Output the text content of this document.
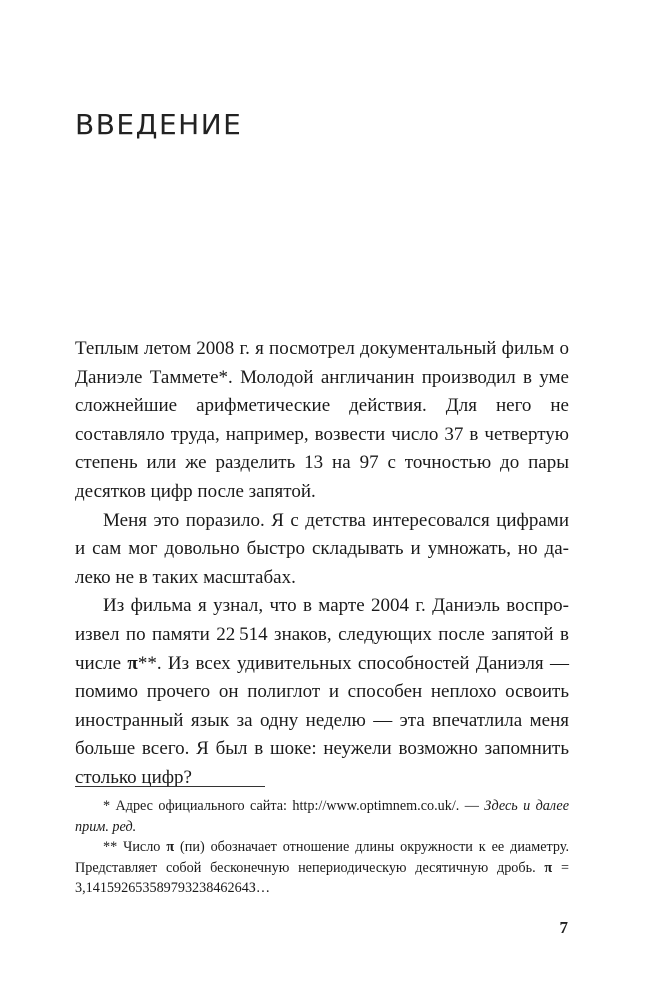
ВВЕДЕНИЕ

Теплым летом 2008 г. я посмотрел документальный фильм о Даниэле Таммете*. Молодой англичанин производил в уме сложнейшие арифметические действия. Для него не составляло труда, например, возвести число 37 в четвертую степень или же разделить 13 на 97 с точностью до пары десятков цифр после запятой.

Меня это поразило. Я с детства интересовался цифрами и сам мог довольно быстро складывать и умножать, но далеко не в таких масштабах.

Из фильма я узнал, что в марте 2004 г. Даниэль воспроизвел по памяти 22 514 знаков, следующих после запятой в числе π**. Из всех удивительных способностей Даниэля — помимо прочего он полиглот и способен неплохо освоить иностранный язык за одну неделю — эта впечатлила меня больше всего. Я был в шоке: неужели возможно запомнить столько цифр?

* Адрес официального сайта: http://www.optimnem.co.uk/. — Здесь и далее прим. ред.

** Число π (пи) обозначает отношение длины окружности к ее диаметру. Представляет собой бесконечную непериодическую десятичную дробь. π = 3,14159265358979323846264З…

7
